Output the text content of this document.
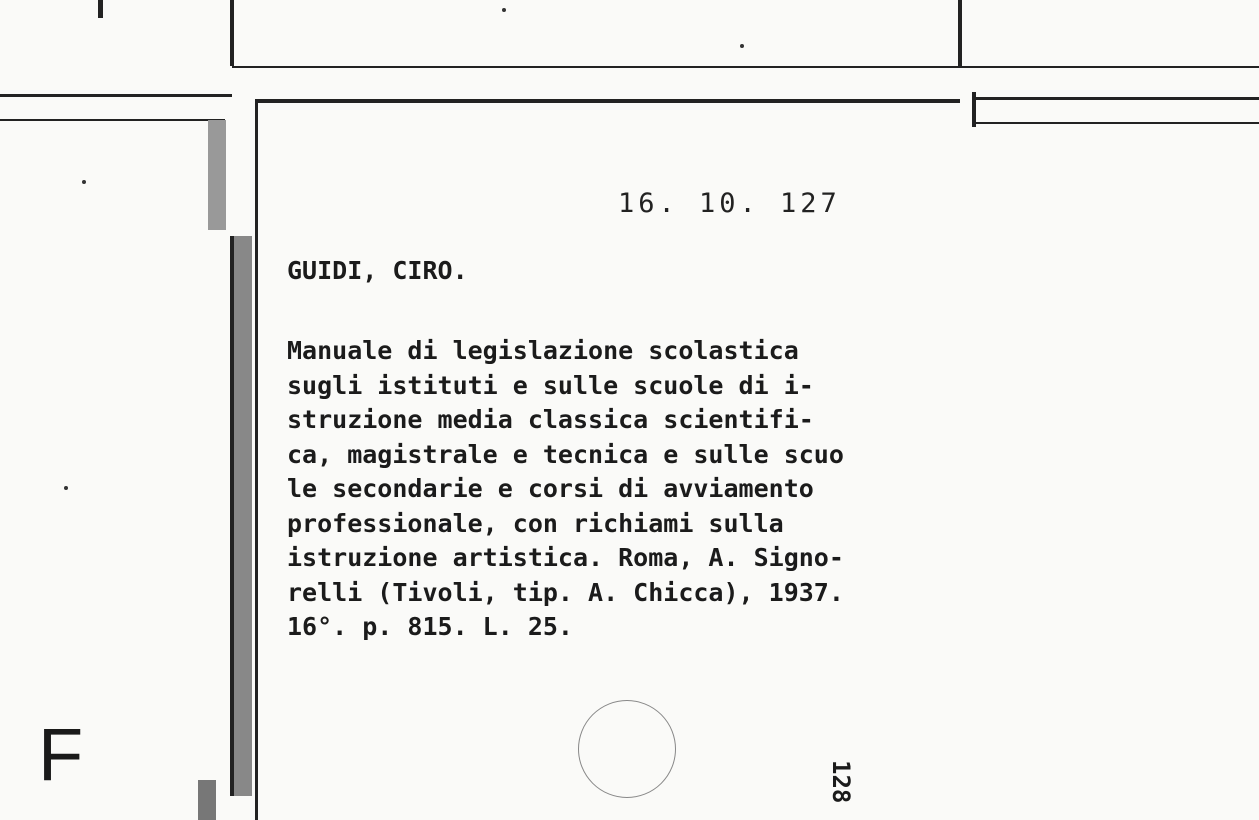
16. 10. 127
GUIDI, CIRO.
Manuale di legislazione scolastica
sugli istituti e sulle scuole di i-
struzione media classica scientifi-
ca, magistrale e tecnica e sulle scuo
le secondarie e corsi di avviamento
professionale, con richiami sulla
istruzione artistica. Roma, A. Signo-
relli (Tivoli, tip. A. Chicca), 1937.
16°. p. 815. L. 25.
128
F
